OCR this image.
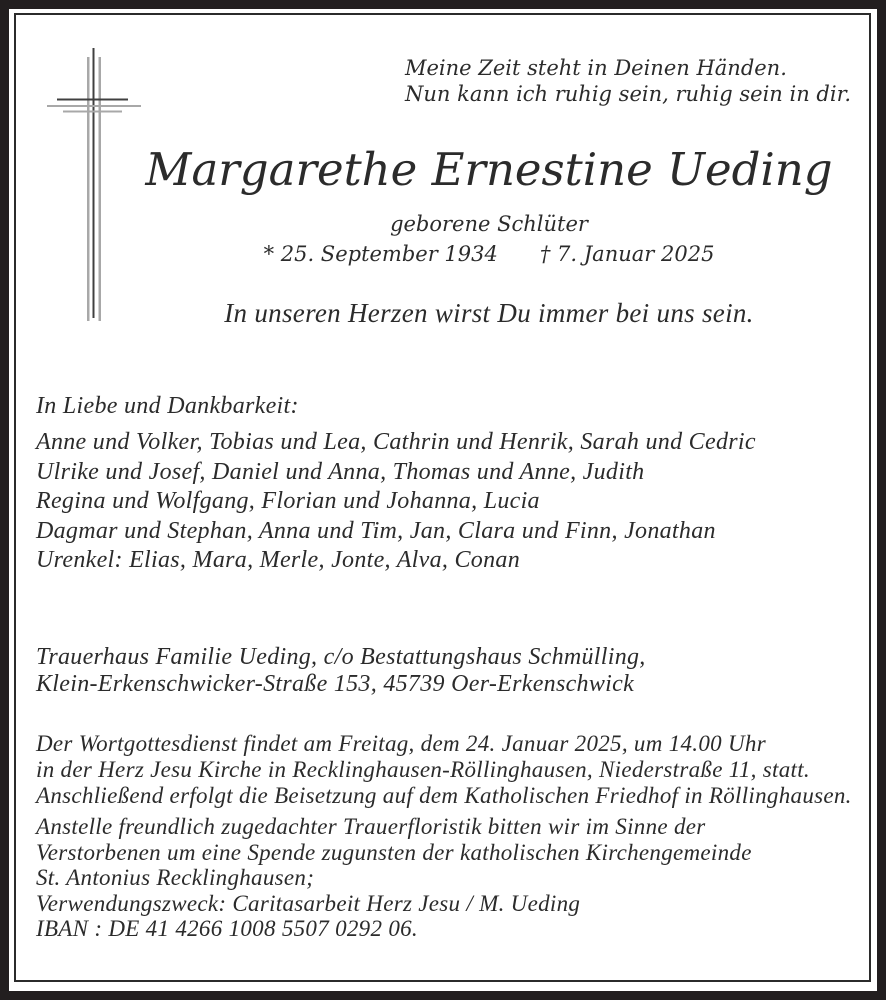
Meine Zeit steht in Deinen Händen.
Nun kann ich ruhig sein, ruhig sein in dir.
Margarethe Ernestine Ueding
geborene Schlüter
* 25. September 1934 † 7. Januar 2025
In unseren Herzen wirst Du immer bei uns sein.
In Liebe und Dankbarkeit:
Anne und Volker, Tobias und Lea, Cathrin und Henrik, Sarah und Cedric
Ulrike und Josef, Daniel und Anna, Thomas und Anne, Judith
Regina und Wolfgang, Florian und Johanna, Lucia
Dagmar und Stephan, Anna und Tim, Jan, Clara und Finn, Jonathan
Urenkel: Elias, Mara, Merle, Jonte, Alva, Conan
Trauerhaus Familie Ueding, c/o Bestattungshaus Schmülling,
Klein-Erkenschwicker-Straße 153, 45739 Oer-Erkenschwick
Der Wortgottesdienst findet am Freitag, dem 24. Januar 2025, um 14.00 Uhr
in der Herz Jesu Kirche in Recklinghausen-Röllinghausen, Niederstraße 11, statt.
Anschließend erfolgt die Beisetzung auf dem Katholischen Friedhof in Röllinghausen.
Anstelle freundlich zugedachter Trauerfloristik bitten wir im Sinne der
Verstorbenen um eine Spende zugunsten der katholischen Kirchengemeinde
St. Antonius Recklinghausen;
Verwendungszweck: Caritasarbeit Herz Jesu / M. Ueding
IBAN : DE 41 4266 1008 5507 0292 06.
